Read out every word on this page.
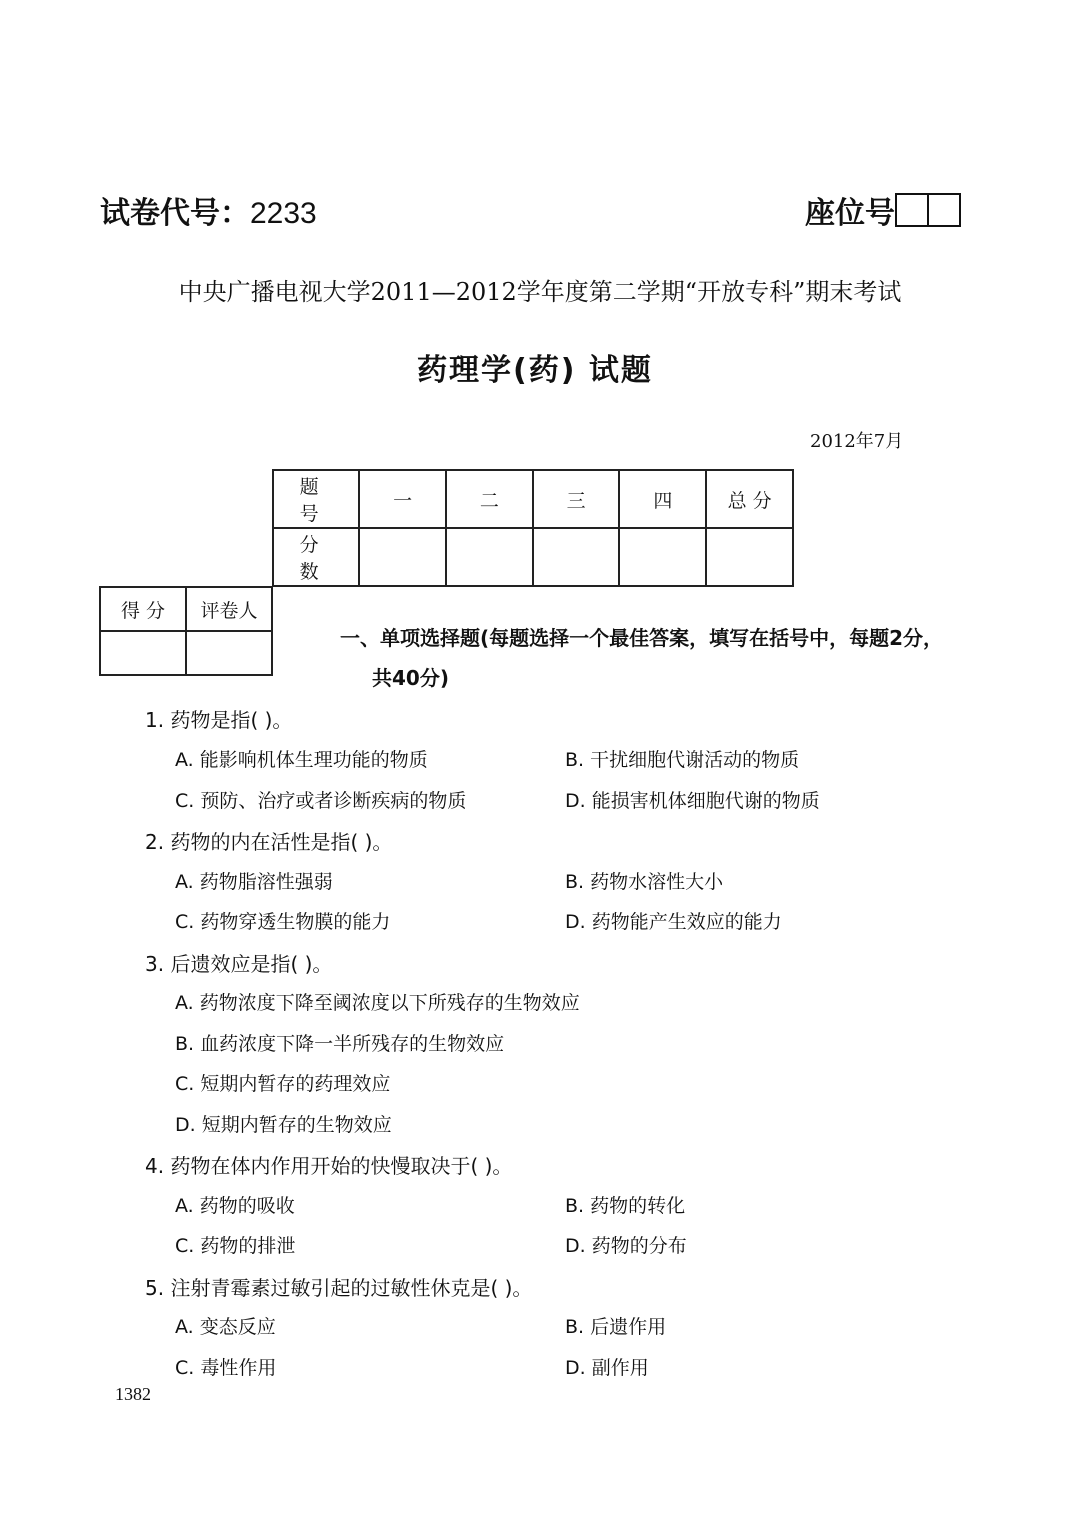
试卷代号：2233	座位号
中央广播电视大学2011—2012学年度第二学期“开放专科”期末考试
药理学(药) 试题
2012年7月
题 号	一	二	三	四	总 分
分 数					
得 分	评卷人

一、单项选择题(每题选择一个最佳答案，填写在括号中，每题2分，
共40分)
1. 药物是指( )。
A. 能影响机体生理功能的物质	B. 干扰细胞代谢活动的物质
C. 预防、治疗或者诊断疾病的物质	D. 能损害机体细胞代谢的物质
2. 药物的内在活性是指( )。
A. 药物脂溶性强弱	B. 药物水溶性大小
C. 药物穿透生物膜的能力	D. 药物能产生效应的能力
3. 后遗效应是指( )。
A. 药物浓度下降至阈浓度以下所残存的生物效应
B. 血药浓度下降一半所残存的生物效应
C. 短期内暂存的药理效应
D. 短期内暂存的生物效应
4. 药物在体内作用开始的快慢取决于( )。
A. 药物的吸收	B. 药物的转化
C. 药物的排泄	D. 药物的分布
5. 注射青霉素过敏引起的过敏性休克是( )。
A. 变态反应	B. 后遗作用
C. 毒性作用	D. 副作用
1382
